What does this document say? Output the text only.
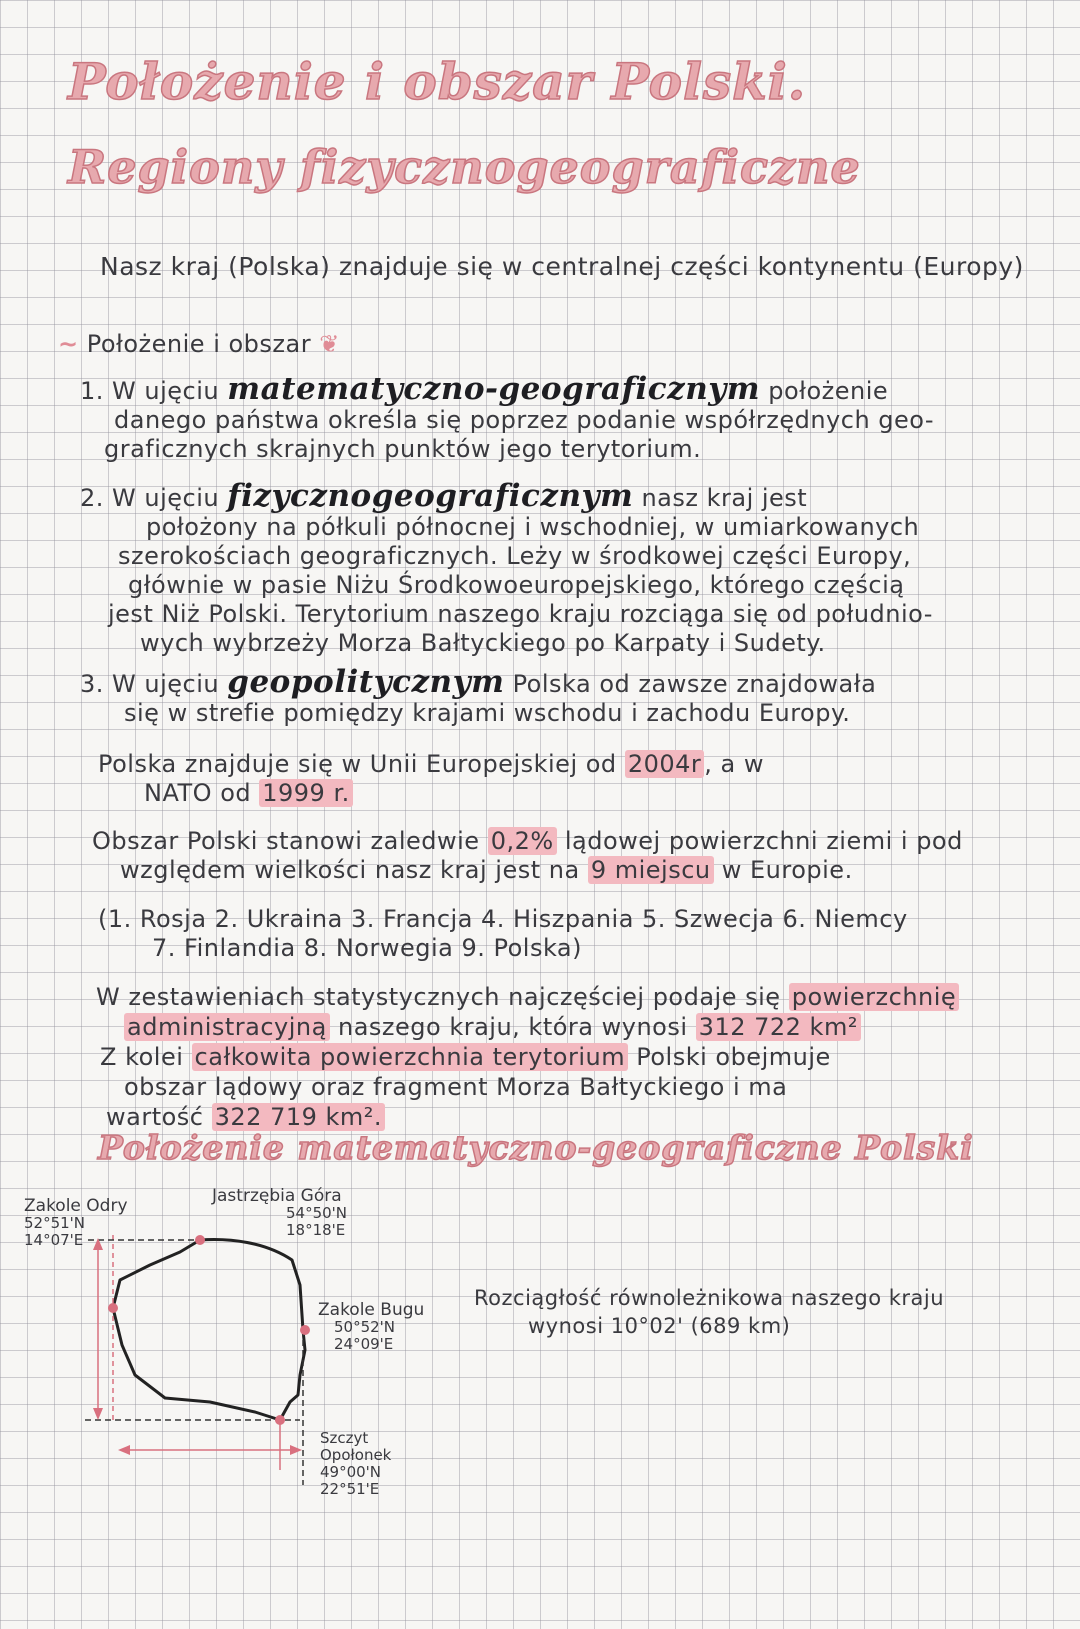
Położenie i obszar Polski.
Regiony fizycznogeograficzne
Nasz kraj (Polska) znajduje się w centralnej części kontynentu (Europy)
~ Położenie i obszar ❦
1. W ujęciu matematyczno-geograficznym położenie
danego państwa określa się poprzez podanie współrzędnych geo-
graficznych skrajnych punktów jego terytorium.
2. W ujęciu fizycznogeograficznym nasz kraj jest
położony na półkuli północnej i wschodniej, w umiarkowanych
szerokościach geograficznych. Leży w środkowej części Europy,
głównie w pasie Niżu Środkowoeuropejskiego, którego częścią
jest Niż Polski. Terytorium naszego kraju rozciąga się od południo-
wych wybrzeży Morza Bałtyckiego po Karpaty i Sudety.
3. W ujęciu geopolitycznym Polska od zawsze znajdowała
się w strefie pomiędzy krajami wschodu i zachodu Europy.
Polska znajduje się w Unii Europejskiej od 2004r , a w
NATO od 1999 r.
Obszar Polski stanowi zaledwie 0,2% lądowej powierzchni ziemi i pod
względem wielkości nasz kraj jest na 9 miejscu w Europie.
(1. Rosja 2. Ukraina 3. Francja 4. Hiszpania 5. Szwecja 6. Niemcy
7. Finlandia 8. Norwegia 9. Polska)
W zestawieniach statystycznych najczęściej podaje się powierzchnię
administracyjną naszego kraju, która wynosi 312 722 km²
Z kolei całkowita powierzchnia terytorium Polski obejmuje
obszar lądowy oraz fragment Morza Bałtyckiego i ma
wartość 322 719 km².
Położenie matematyczno-geograficzne Polski
Zakole Odry
52°51'N
14°07'E
Jastrzębia Góra
54°50'N
18°18'E
Zakole Bugu
50°52'N
24°09'E
Szczyt Opołonek
49°00'N
22°51'E
Rozciągłość równoleżnikowa naszego kraju
wynosi 10°02' (689 km)
